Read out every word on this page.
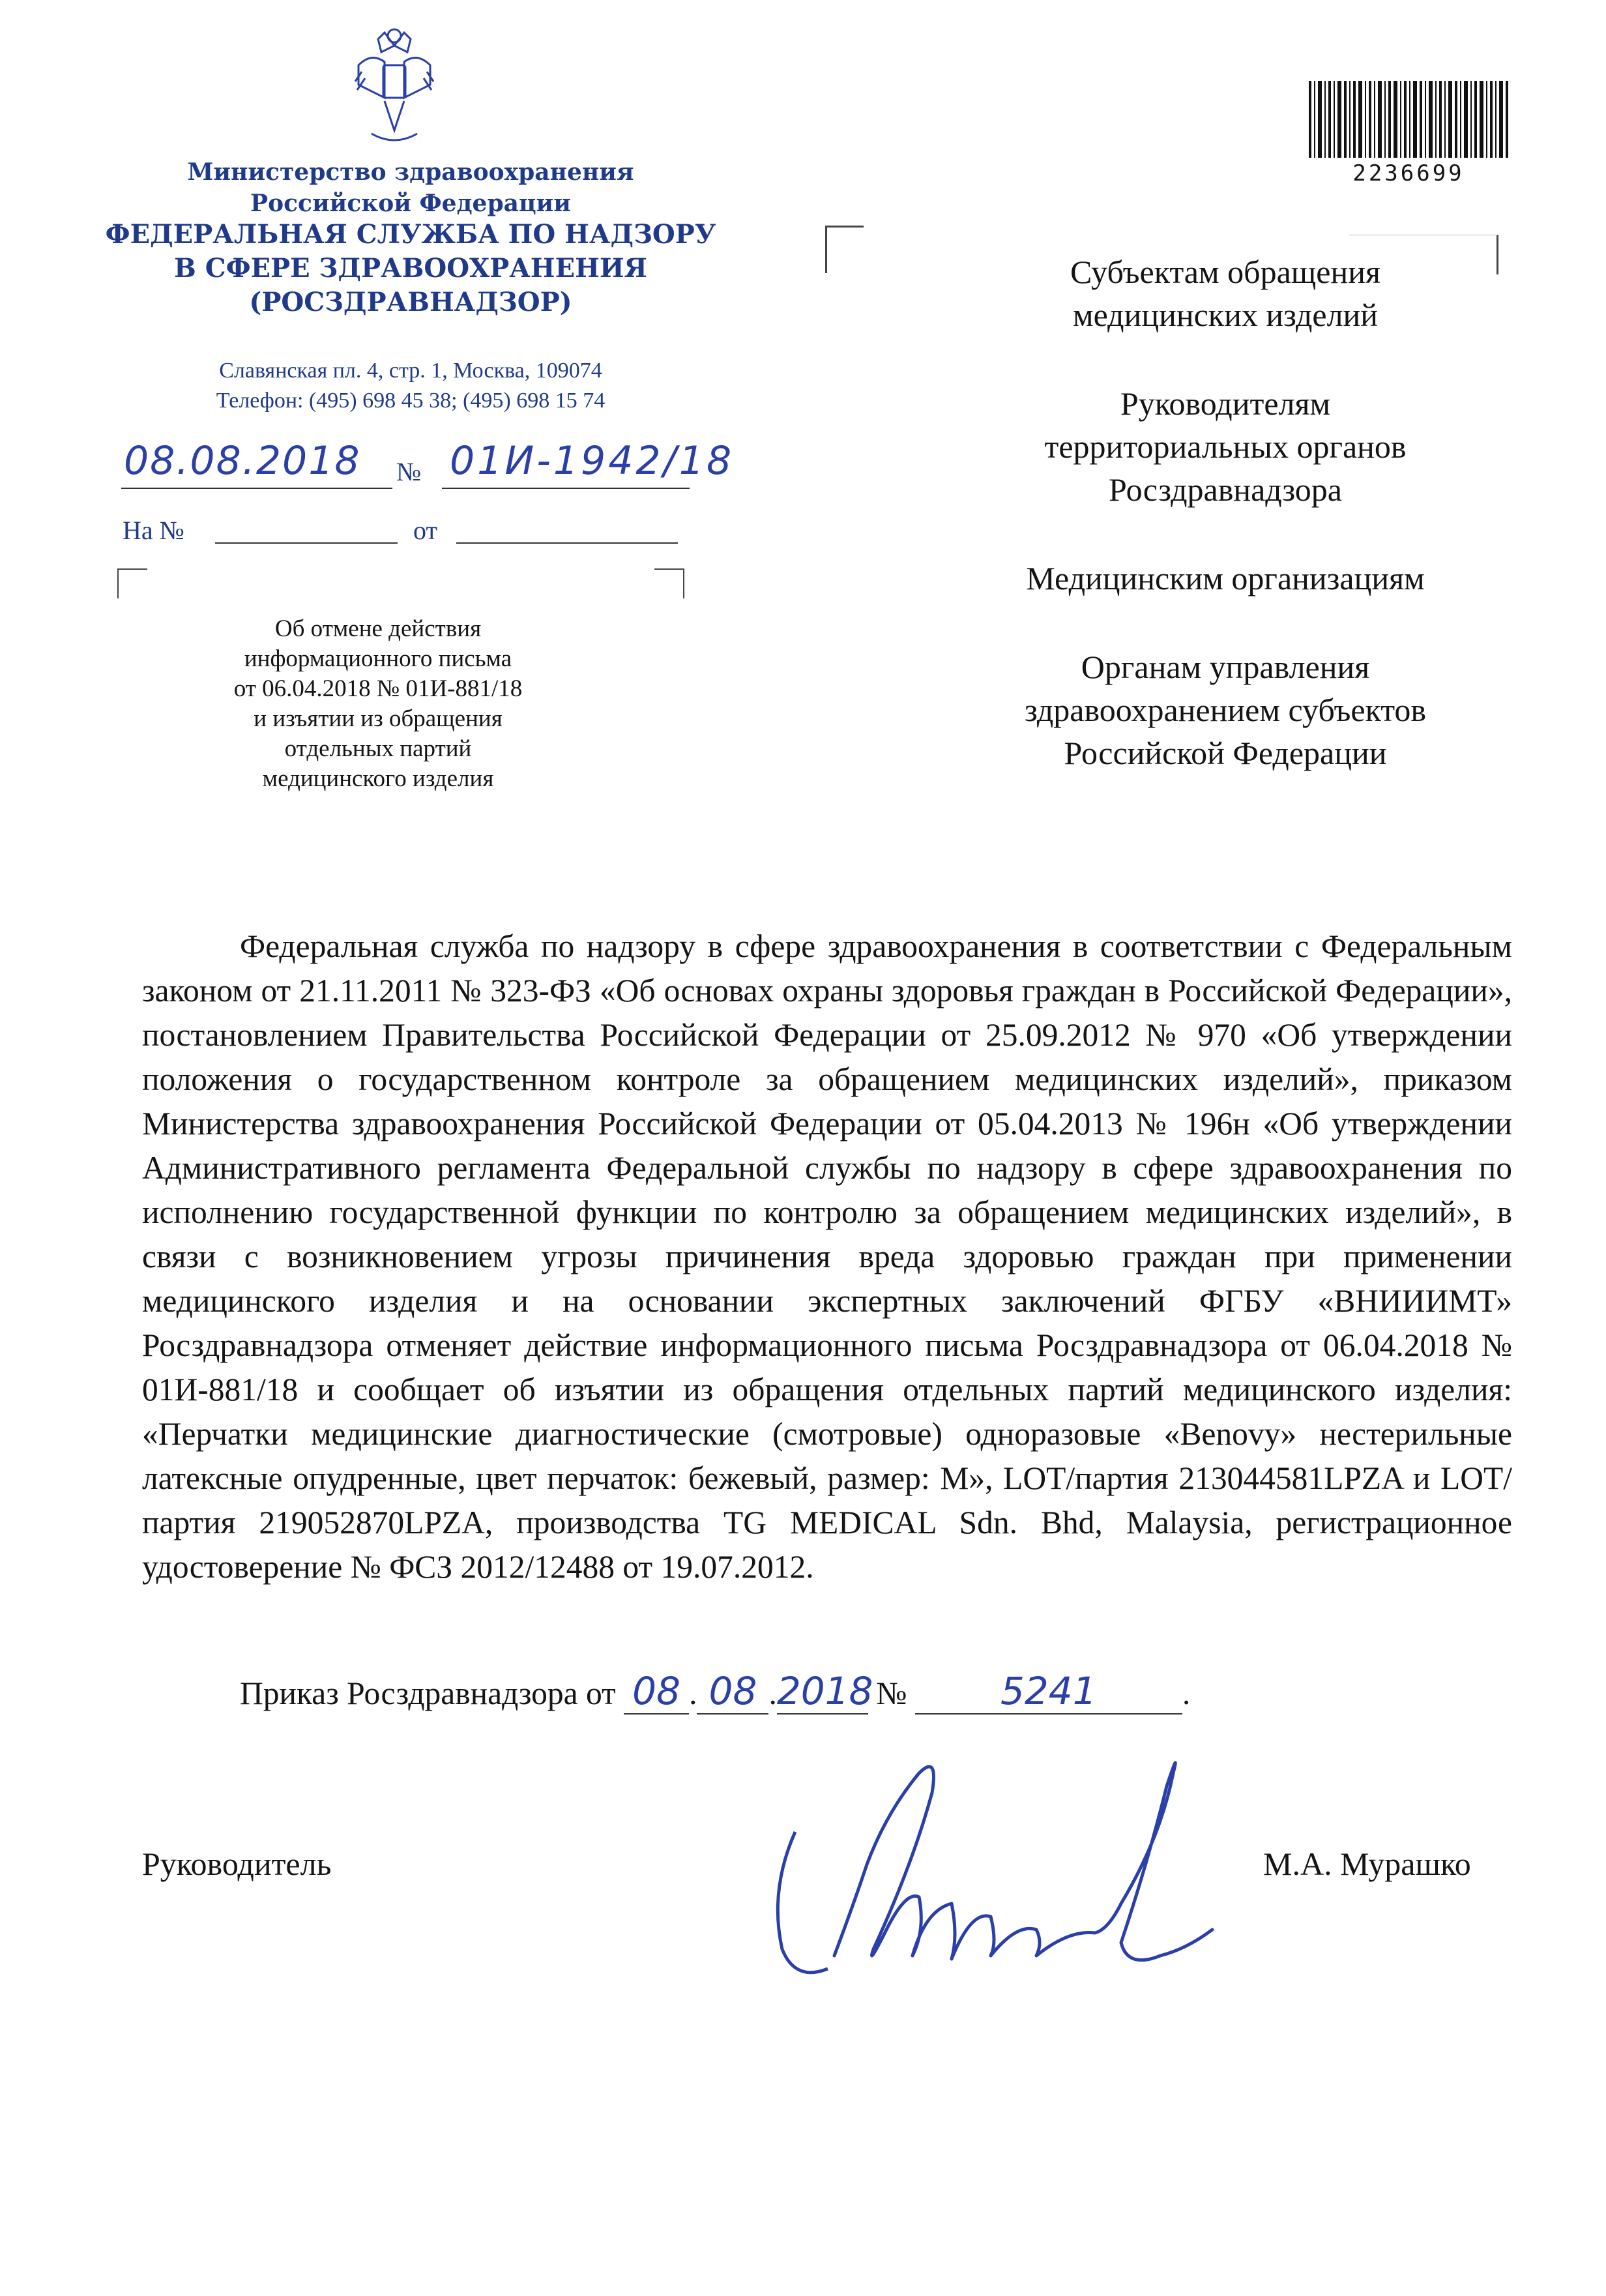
Министерство здравоохранения
Российской Федерации
ФЕДЕРАЛЬНАЯ СЛУЖБА ПО НАДЗОРУ
В СФЕРЕ ЗДРАВООХРАНЕНИЯ
(РОСЗДРАВНАДЗОР)
Славянская пл. 4, стр. 1, Москва, 109074
Телефон: (495) 698 45 38; (495) 698 15 74
08.08.2018 № 01И-1942/18
На №	от
Об отмене действия
информационного письма
от 06.04.2018 № 01И-881/18
и изъятии из обращения
отдельных партий
медицинского изделия
2236699

Субъектам обращения
медицинских изделий

Руководителям
территориальных органов
Росздравнадзора

Медицинским организациям

Органам управления
здравоохранением субъектов
Российской Федерации

Федеральная служба по надзору в сфере здравоохранения в соответствии с Федеральным законом от 21.11.2011 № 323-ФЗ «Об основах охраны здоровья граждан в Российской Федерации», постановлением Правительства Российской Федерации от 25.09.2012 № 970 «Об утверждении положения о государственном контроле за обращением медицинских изделий», приказом Министерства здравоохранения Российской Федерации от 05.04.2013 № 196н «Об утверждении Административного регламента Федеральной службы по надзору в сфере здравоохранения по исполнению государственной функции по контролю за обращением медицинских изделий», в связи с возникновением угрозы причинения вреда здоровью граждан при применении медицинского изделия и на основании экспертных заключений ФГБУ «ВНИИИМТ» Росздравнадзора отменяет действие информационного письма Росздравнадзора от 06.04.2018 № 01И-881/18 и сообщает об изъятии из обращения отдельных партий медицинского изделия: «Перчатки медицинские диагностические (смотровые) одноразовые «Benovy» нестерильные латексные опудренные, цвет перчаток: бежевый, размер: M», LOT/партия 213044581LPZA и LOT/партия 219052870LPZA, производства TG MEDICAL Sdn. Bhd, Malaysia, регистрационное удостоверение № ФСЗ 2012/12488 от 19.07.2012.
Приказ Росздравнадзора от 08 . 08 .2018 № 5241	.
Руководитель	М.А. Мурашко
